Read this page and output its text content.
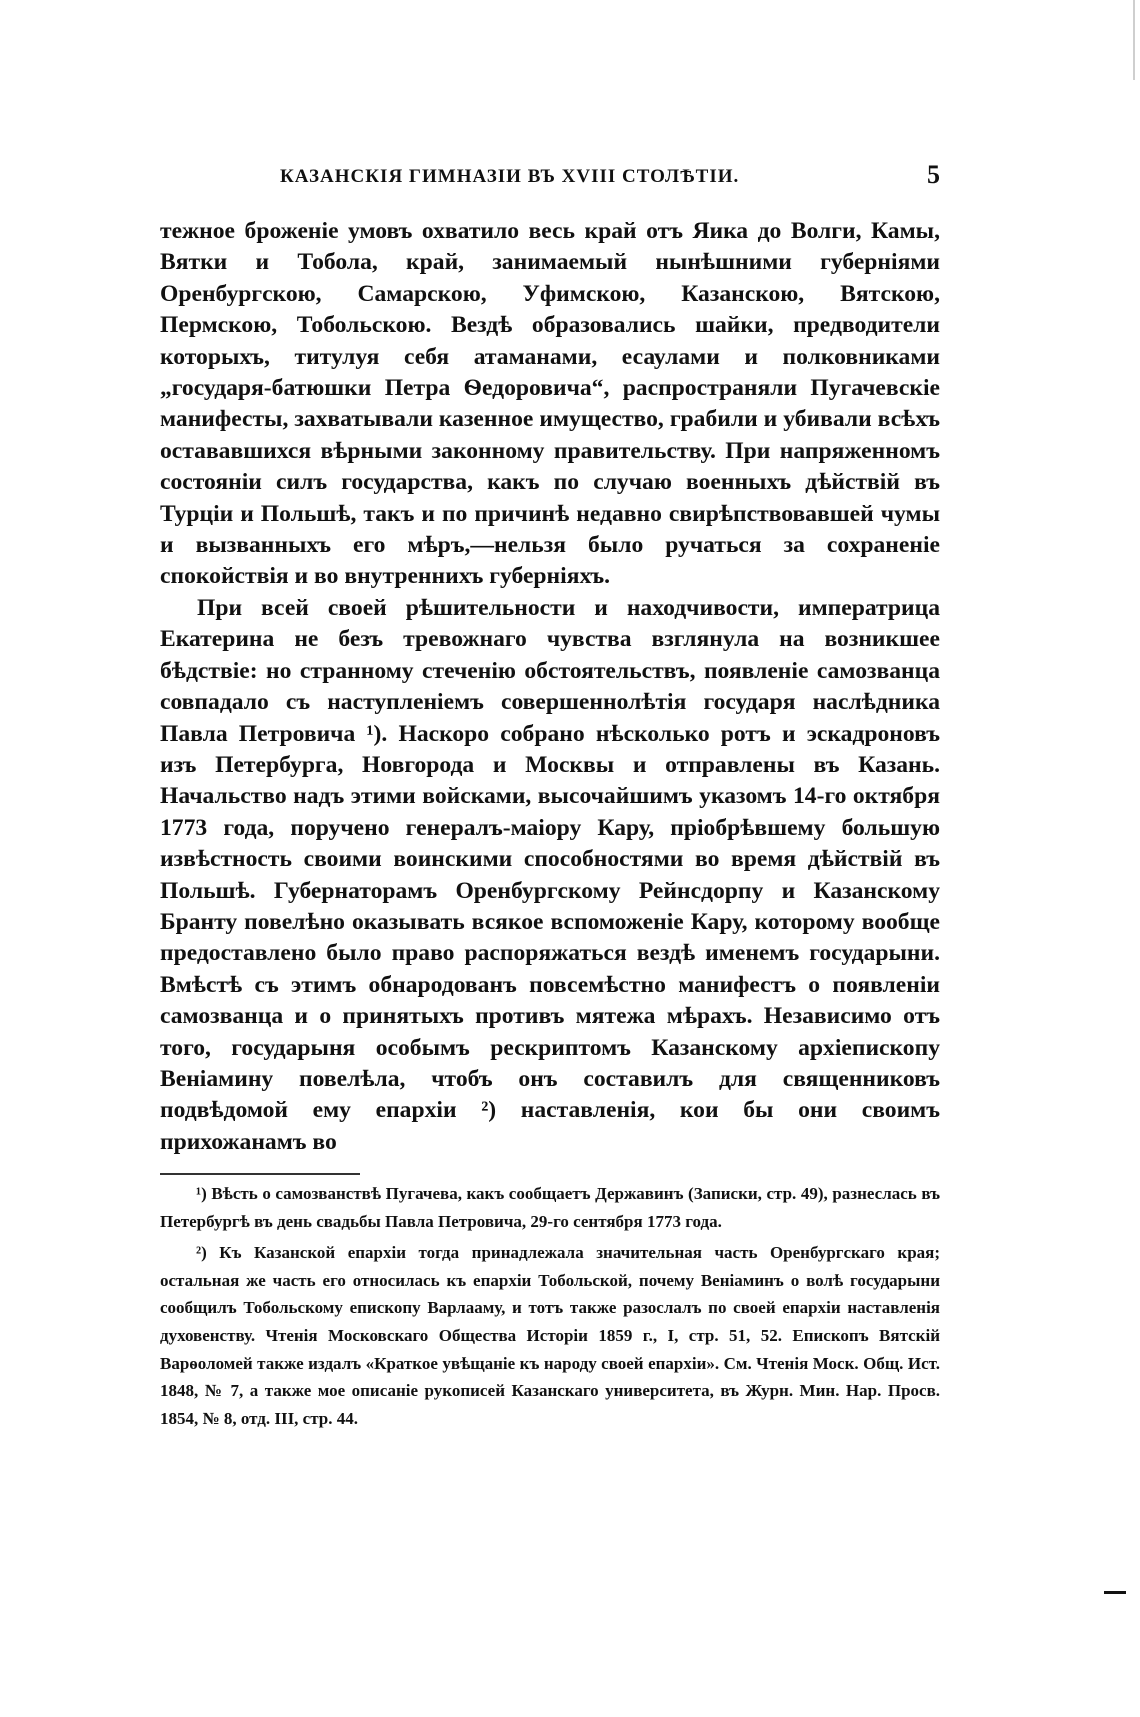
КАЗАНСКІЯ ГИМНАЗІИ ВЪ XVIII СТОЛѢТІИ.	5

тежное броженіе умовъ охватило весь край отъ Яика до Волги, Камы, Вятки и Тобола, край, занимаемый нынѣшними губерніями Оренбургскою, Самарскою, Уфимскою, Казанскою, Вятскою, Пермскою, Тобольскою. Вездѣ образовались шайки, предводители которыхъ, титулуя себя атаманами, есаулами и полковниками „государя-батюшки Петра Ѳедоровича“, распространяли Пугачевскіе манифесты, захватывали казенное имущество, грабили и убивали всѣхъ остававшихся вѣрными законному правительству. При напряженномъ состояніи силъ государства, какъ по случаю военныхъ дѣйствій въ Турціи и Польшѣ, такъ и по причинѣ недавно свирѣпствовавшей чумы и вызванныхъ его мѣръ,—нельзя было ручаться за сохраненіе спокойствія и во внутреннихъ губерніяхъ.

При всей своей рѣшительности и находчивости, императрица Екатерина не безъ тревожнаго чувства взглянула на возникшее бѣдствіе: но странному стеченію обстоятельствъ, появленіе самозванца совпадало съ наступленіемъ совершеннолѣтія государя наслѣдника Павла Петровича ¹). Наскоро собрано нѣсколько ротъ и эскадроновъ изъ Петербурга, Новгорода и Москвы и отправлены въ Казань. Начальство надъ этими войсками, высочайшимъ указомъ 14-го октября 1773 года, поручено генералъ-маіору Кару, пріобрѣвшему большую извѣстность своими воинскими способностями во время дѣйствій въ Польшѣ. Губернаторамъ Оренбургскому Рейнсдорпу и Казанскому Бранту повелѣно оказывать всякое вспоможеніе Кару, которому вообще предоставлено было право распоряжаться вездѣ именемъ государыни. Вмѣстѣ съ этимъ обнародованъ повсемѣстно манифестъ о появленіи самозванца и о принятыхъ противъ мятежа мѣрахъ. Независимо отъ того, государыня особымъ рескриптомъ Казанскому архіепископу Веніамину повелѣла, чтобъ онъ составилъ для священниковъ подвѣдомой ему епархіи ²) наставленія, кои бы они своимъ прихожанамъ во

¹) Вѣсть о самозванствѣ Пугачева, какъ сообщаетъ Державинъ (Записки, стр. 49), разнеслась въ Петербургѣ въ день свадьбы Павла Петровича, 29-го сентября 1773 года.

²) Къ Казанской епархіи тогда принадлежала значительная часть Оренбургскаго края; остальная же часть его относилась къ епархіи Тобольской, почему Веніаминъ о волѣ государыни сообщилъ Тобольскому епископу Варлааму, и тотъ также разослалъ по своей епархіи наставленія духовенству. Чтенія Московскаго Общества Исторіи 1859 г., I, стр. 51, 52. Епископъ Вятскій Варѳоломей также издалъ «Краткое увѣщаніе къ народу своей епархіи». См. Чтенія Моск. Общ. Ист. 1848, № 7, а также мое описаніе рукописей Казанскаго университета, въ Журн. Мин. Нар. Просв. 1854, № 8, отд. III, стр. 44.
